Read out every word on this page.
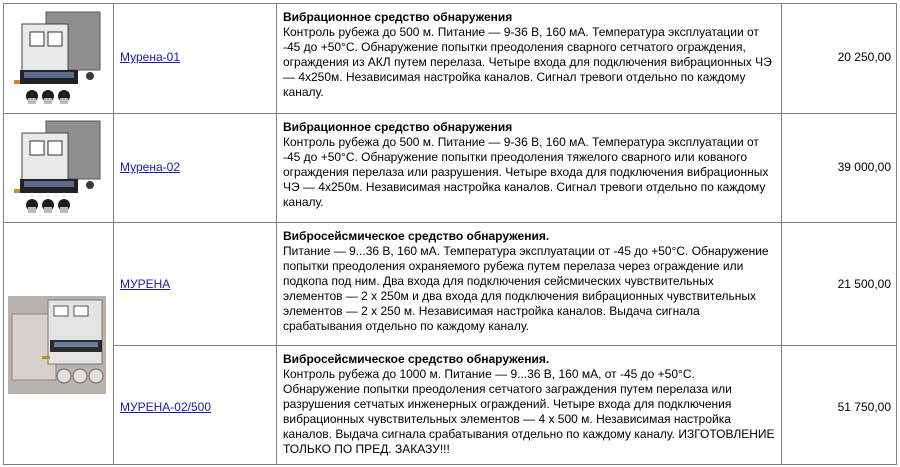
Мурена-01
Вибрационное средство обнаружения
Контроль рубежа до 500 м. Питание — 9-36 В, 160 мА. Температура эксплуатации от -45 до +50°С. Обнаружение попытки преодоления сварного сетчатого ограждения, ограждения из АКЛ путем перелаза. Четыре входа для подключения вибрационных ЧЭ — 4х250м. Независимая настройка каналов. Сигнал тревоги отдельно по каждому каналу.
20 250,00
Мурена-02
Вибрационное средство обнаружения
Контроль рубежа до 500 м. Питание — 9-36 В, 160 мА. Температура эксплуатации от -45 до +50°С. Обнаружение попытки преодоления тяжелого сварного или кованого ограждения перелаза или разрушения. Четыре входа для подключения вибрационных ЧЭ — 4х250м. Независимая настройка каналов. Сигнал тревоги отдельно по каждому каналу.
39 000,00
МУРЕНА
Вибросейсмическое средство обнаружения.
Питание — 9...36 В, 160 мА. Температура эксплуатации от -45 до +50°С. Обнаружение попытки преодоления охраняемого рубежа путем перелаза через ограждение или подкопа под ним. Два входа для подключения сейсмических чувствительных элементов — 2 х 250м и два входа для подключения вибрационных чувствительных элементов — 2 х 250 м. Независимая настройка каналов. Выдача сигнала срабатывания отдельно по каждому каналу.
21 500,00
МУРЕНА-02/500
Вибросейсмическое средство обнаружения.
Контроль рубежа до 1000 м. Питание — 9...36 В, 160 мА, от -45 до +50°С. Обнаружение попытки преодоления сетчатого заграждения путем перелаза или разрушения сетчатых инженерных ограждений. Четыре входа для подключения вибрационных чувствительных элементов — 4 х 500 м. Независимая настройка каналов. Выдача сигнала срабатывания отдельно по каждому каналу. ИЗГОТОВЛЕНИЕ ТОЛЬКО ПО ПРЕД. ЗАКАЗУ!!!
51 750,00
